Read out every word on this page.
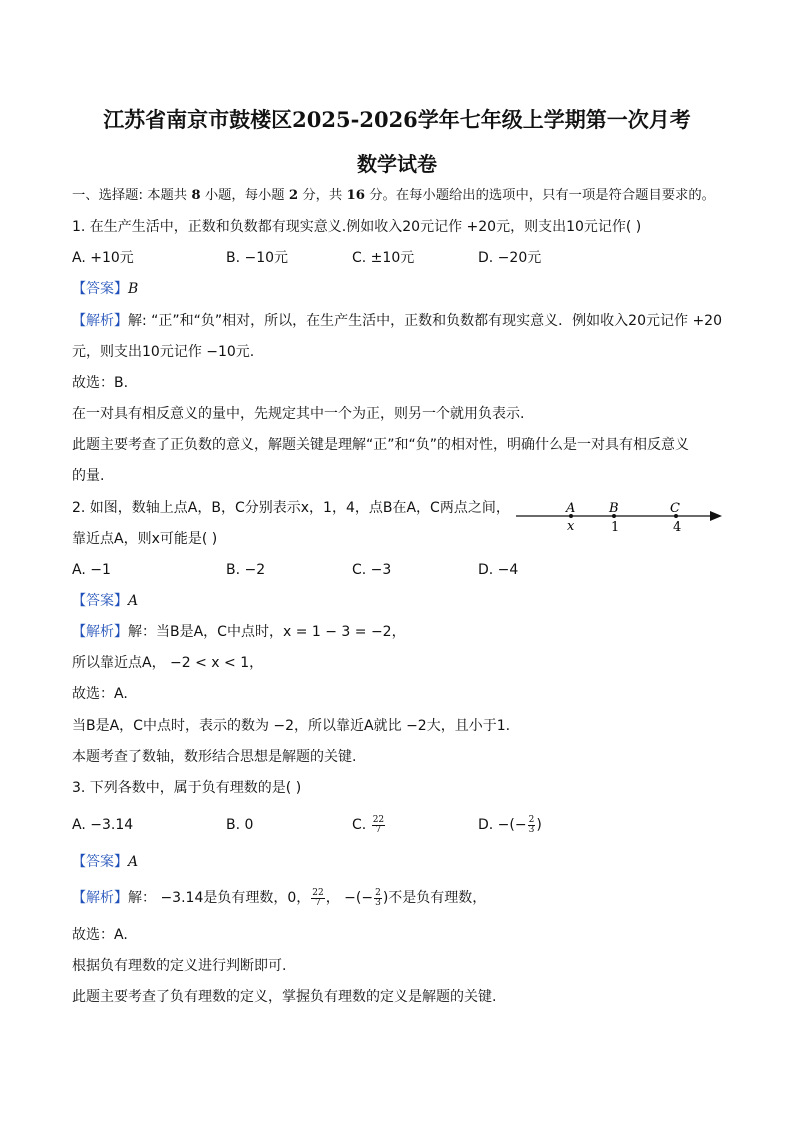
江苏省南京市鼓楼区2025-2026学年七年级上学期第一次月考
数学试卷
一、选择题: 本题共 8 小题，每小题 2 分，共 16 分。在每小题给出的选项中，只有一项是符合题目要求的。
1. 在生产生活中，正数和负数都有现实意义.例如收入20元记作 +20元，则支出10元记作( )
A. +10元	B. −10元	C. ±10元	D. −20元
【答案】B
【解析】解: “正”和“负”相对，所以，在生产生活中，正数和负数都有现实意义．例如收入20元记作 +20
元，则支出10元记作 −10元.
故选：B.
在一对具有相反意义的量中，先规定其中一个为正，则另一个就用负表示.
此题主要考查了正负数的意义，解题关键是理解“正”和“负”的相对性，明确什么是一对具有相反意义
的量.
2. 如图，数轴上点A，B，C分别表示x，1，4，点B在A，C两点之间，
靠近点A，则x可能是( )
A	B	C
x	1	4
A. −1	B. −2	C. −3	D. −4
【答案】A
【解析】解：当B是A，C中点时，x = 1 − 3 = −2，
所以靠近点A， −2 < x < 1，
故选：A.
当B是A，C中点时，表示的数为 −2，所以靠近A就比 −2大，且小于1.
本题考查了数轴，数形结合思想是解题的关键.
3. 下列各数中，属于负有理数的是( )
A. −3.14	B. 0	C. $\frac{22}{7}$	D. −(− $\frac{2}{3}$ )
【答案】A
【解析】解： −3.14是负有理数，0， $\frac{22}{7}$ ， −(− $\frac{2}{3}$ )不是负有理数，
故选：A.
根据负有理数的定义进行判断即可.
此题主要考查了负有理数的定义，掌握负有理数的定义是解题的关键.
